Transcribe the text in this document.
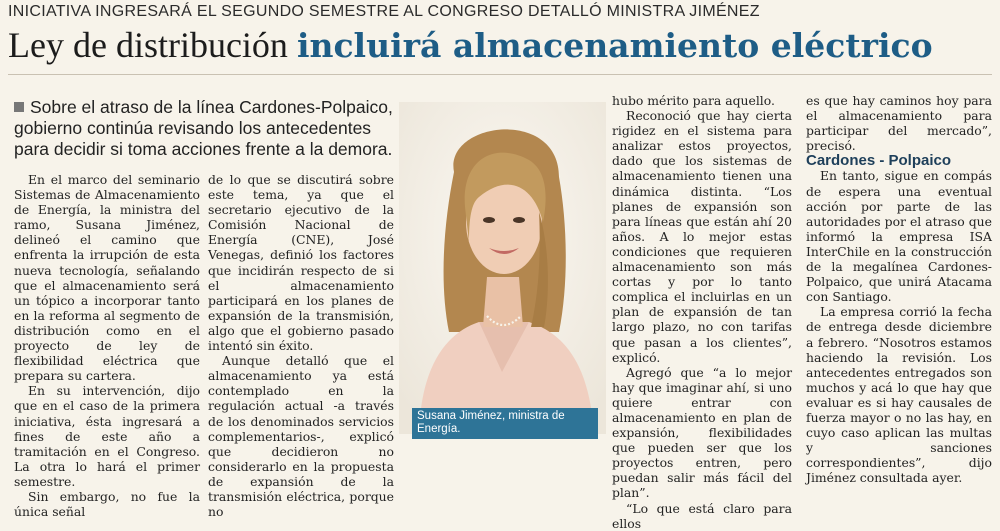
INICIATIVA INGRESARÁ EL SEGUNDO SEMESTRE AL CONGRESO DETALLÓ MINISTRA JIMÉNEZ
Ley de distribución incluirá almacenamiento eléctrico
Sobre el atraso de la línea Cardones-Polpaico, gobierno continúa revisando los antecedentes para decidir si toma acciones frente a la demora.

En el marco del seminario Sistemas de Almacenamiento de Energía, la ministra del ramo, Susana Jiménez, delineó el camino que enfrenta la irrupción de esta nueva tecnología, señalando que el almacenamiento será un tópico a incorporar tanto en la reforma al segmento de distribución como en el proyecto de ley de flexibilidad eléctrica que prepara su cartera.

En su intervención, dijo que en el caso de la primera iniciativa, ésta ingresará a fines de este año a tramitación en el Congreso. La otra lo hará el primer semestre.

Sin embargo, no fue la única señal

de lo que se discutirá sobre este tema, ya que el secretario ejecutivo de la Comisión Nacional de Energía (CNE), José Venegas, definió los factores que incidirán respecto de si el almacenamiento participará en los planes de expansión de la transmisión, algo que el gobierno pasado intentó sin éxito.

Aunque detalló que el almacenamiento ya está contemplado en la regulación actual -a través de los denominados servicios complementarios-, explicó que decidieron no considerarlo en la propuesta de expansión de la transmisión eléctrica, porque no

Susana Jiménez, ministra de Energía.

hubo mérito para aquello.

Reconoció que hay cierta rigidez en el sistema para analizar estos proyectos, dado que los sistemas de almacenamiento tienen una dinámica distinta. “Los planes de expansión son para líneas que están ahí 20 años. A lo mejor estas condiciones que requieren almacenamiento son más cortas y por lo tanto complica el incluirlas en un plan de expansión de tan largo plazo, no con tarifas que pasan a los clientes”, explicó.

Agregó que “a lo mejor hay que imaginar ahí, si uno quiere entrar con almacenamiento en plan de expansión, flexibilidades que pueden ser que los proyectos entren, pero puedan salir más fácil del plan”.

“Lo que está claro para ellos

es que hay caminos hoy para el almacenamiento para participar del mercado”, precisó.

Cardones - Polpaico

En tanto, sigue en compás de espera una eventual acción por parte de las autoridades por el atraso que informó la empresa ISA InterChile en la construcción de la megalínea Cardones-Polpaico, que unirá Atacama con Santiago.

La empresa corrió la fecha de entrega desde diciembre a febrero. “Nosotros estamos haciendo la revisión. Los antecedentes entregados son muchos y acá lo que hay que evaluar es si hay causales de fuerza mayor o no las hay, en cuyo caso aplican las multas y sanciones correspondientes”, dijo Jiménez consultada ayer.
